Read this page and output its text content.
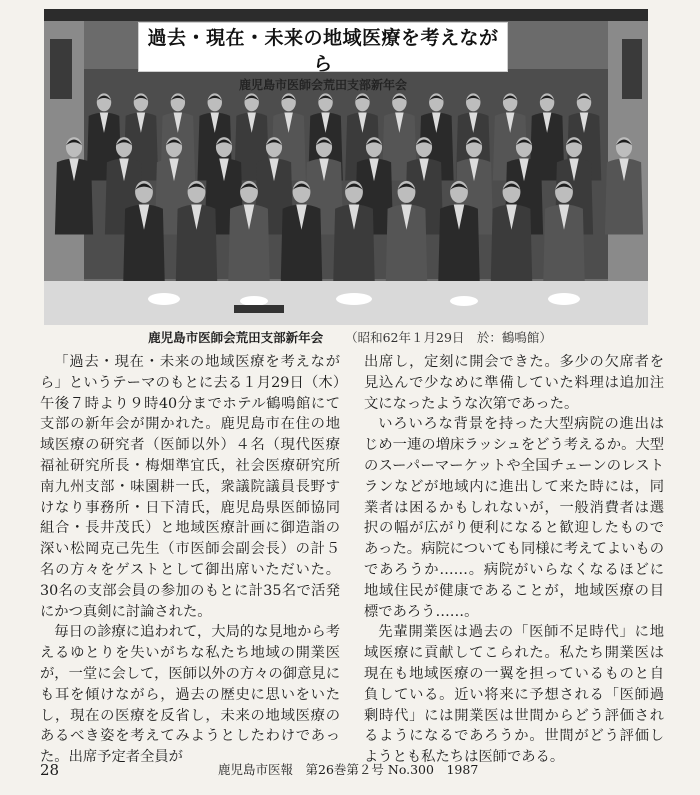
過去・現在・未来の地域医療を考えながら
鹿児島市医師会荒田支部新年会
鹿児島市医師会荒田支部新年会 （昭和62年１月29日　於：鶴鳴館）

「過去・現在・未来の地域医療を考えながら」というテーマのもとに去る１月29日（木）午後７時より９時40分までホテル鶴鳴館にて支部の新年会が開かれた。鹿児島市在住の地域医療の研究者（医師以外）４名（現代医療福祉研究所長・梅畑準宜氏，社会医療研究所南九州支部・味園耕一氏，衆議院議員長野すけなり事務所・日下清氏，鹿児島県医師協同組合・長井茂氏）と地域医療計画に御造詣の深い松岡克己先生（市医師会副会長）の計５名の方々をゲストとして御出席いただいた。30名の支部会員の参加のもとに計35名で活発にかつ真剣に討論された。

毎日の診療に追われて，大局的な見地から考えるゆとりを失いがちな私たち地域の開業医が，一堂に会して，医師以外の方々の御意見にも耳を傾けながら，過去の歴史に思いをいたし，現在の医療を反省し，未来の地域医療のあるべき姿を考えてみようとしたわけであった。出席予定者全員が

出席し，定刻に開会できた。多少の欠席者を見込んで少なめに準備していた料理は追加注文になったような次第であった。

いろいろな背景を持った大型病院の進出はじめ一連の増床ラッシュをどう考えるか。大型のスーパーマーケットや全国チェーンのレストランなどが地域内に進出して来た時には，同業者は困るかもしれないが，一般消費者は選択の幅が広がり便利になると歓迎したものであった。病院についても同様に考えてよいものであろうか……。病院がいらなくなるほどに地域住民が健康であることが，地域医療の目標であろう……。

先輩開業医は過去の「医師不足時代」に地域医療に貢献してこられた。私たち開業医は現在も地域医療の一翼を担っているものと自負している。近い将来に予想される「医師過剰時代」には開業医は世間からどう評価されるようになるであろうか。世間がどう評価しようとも私たちは医師である。

28	鹿児島市医報　第26巻第２号 No.300　1987
